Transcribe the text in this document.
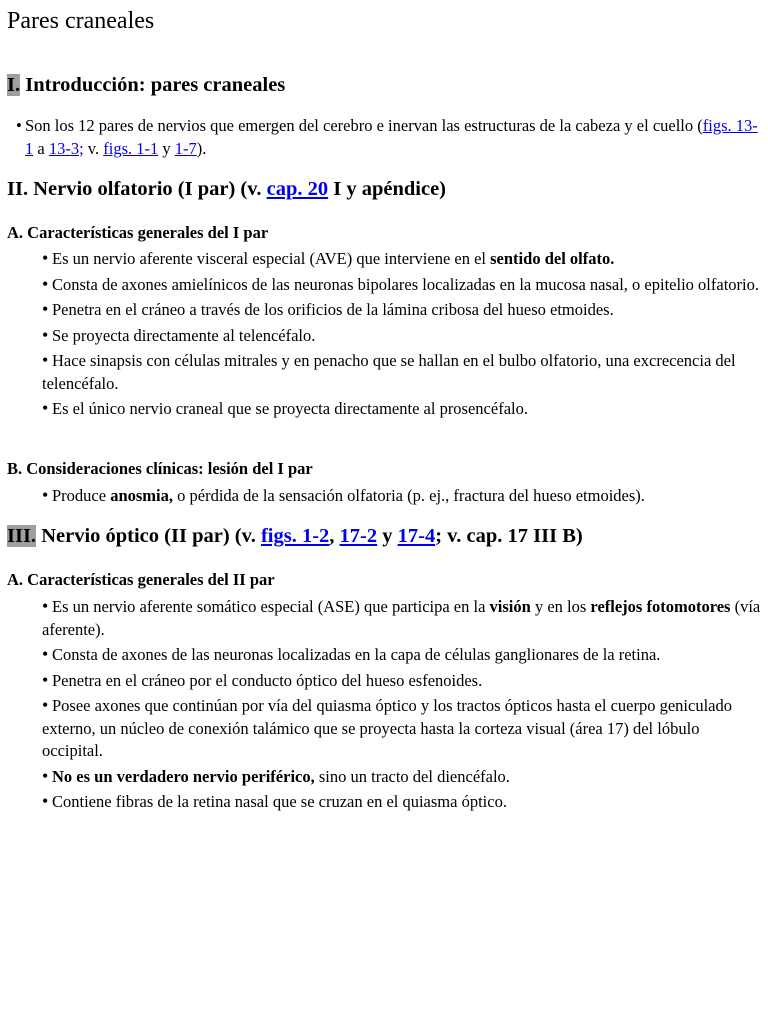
Pares craneales
I. Introducción: pares craneales

• Son los 12 pares de nervios que emergen del cerebro e inervan las estructuras de la cabeza y el cuello (figs. 13-1 a 13-3; v. figs. 1-1 y 1-7).

II. Nervio olfatorio (I par) (v. cap. 20 I y apéndice)
A. Características generales del I par
• Es un nervio aferente visceral especial (AVE) que interviene en el sentido del olfato.
• Consta de axones amielínicos de las neuronas bipolares localizadas en la mucosa nasal, o epitelio olfatorio.
• Penetra en el cráneo a través de los orificios de la lámina cribosa del hueso etmoides.
• Se proyecta directamente al telencéfalo.
• Hace sinapsis con células mitrales y en penacho que se hallan en el bulbo olfatorio, una excrecencia del telencéfalo.
• Es el único nervio craneal que se proyecta directamente al prosencéfalo.
B. Consideraciones clínicas: lesión del I par
• Produce anosmia, o pérdida de la sensación olfatoria (p. ej., fractura del hueso etmoides).
III. Nervio óptico (II par) (v. figs. 1-2, 17-2 y 17-4; v. cap. 17 III B)
A. Características generales del II par
• Es un nervio aferente somático especial (ASE) que participa en la visión y en los reflejos fotomotores (vía aferente).
• Consta de axones de las neuronas localizadas en la capa de células ganglionares de la retina.
• Penetra en el cráneo por el conducto óptico del hueso esfenoides.
• Posee axones que continúan por vía del quiasma óptico y los tractos ópticos hasta el cuerpo geniculado externo, un núcleo de conexión talámico que se proyecta hasta la corteza visual (área 17) del lóbulo occipital.
• No es un verdadero nervio periférico, sino un tracto del diencéfalo.
• Contiene fibras de la retina nasal que se cruzan en el quiasma óptico.
